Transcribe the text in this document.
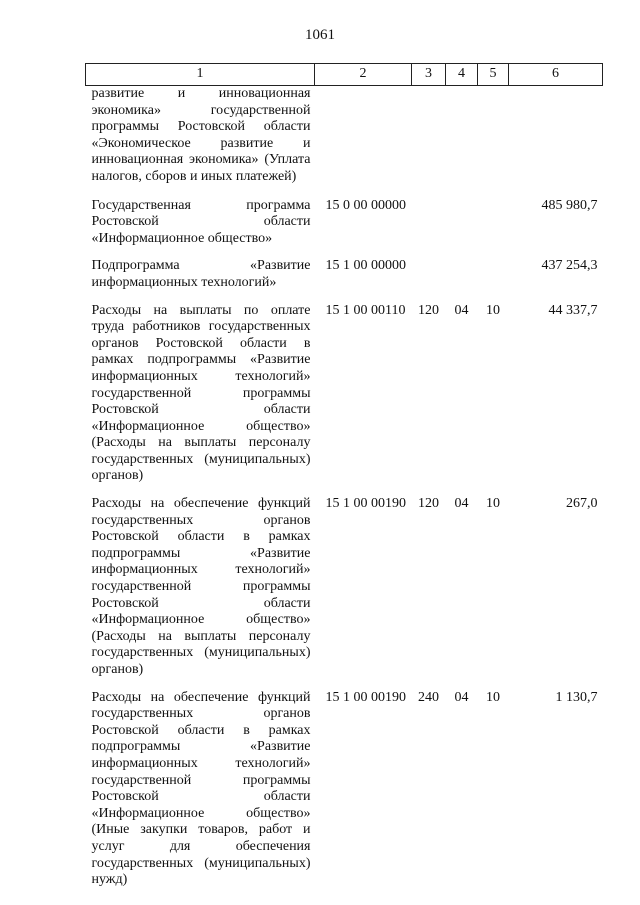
1061
1	2	3	4	5	6
развитие и инновационная экономика» государственной программы Ростовской области «Экономическое развитие и инновационная экономика» (Уплата налогов, сборов и иных платежей)					
Государственная программа Ростовской области «Информационное общество»	15 0 00 00000				485 980,7
Подпрограмма «Развитие информационных технологий»	15 1 00 00000				437 254,3
Расходы на выплаты по оплате труда работников государственных органов Ростовской области в рамках подпрограммы «Развитие информационных технологий» государственной программы Ростовской области «Информационное общество» (Расходы на выплаты персоналу государственных (муниципальных) органов)	15 1 00 00110	120	04	10	44 337,7
Расходы на обеспечение функций государственных органов Ростовской области в рамках подпрограммы «Развитие информационных технологий» государственной программы Ростовской области «Информационное общество» (Расходы на выплаты персоналу государственных (муниципальных) органов)	15 1 00 00190	120	04	10	267,0
Расходы на обеспечение функций государственных органов Ростовской области в рамках подпрограммы «Развитие информационных технологий» государственной программы Ростовской области «Информационное общество» (Иные закупки товаров, работ и услуг для обеспечения государственных (муниципальных) нужд)	15 1 00 00190	240	04	10	1 130,7
